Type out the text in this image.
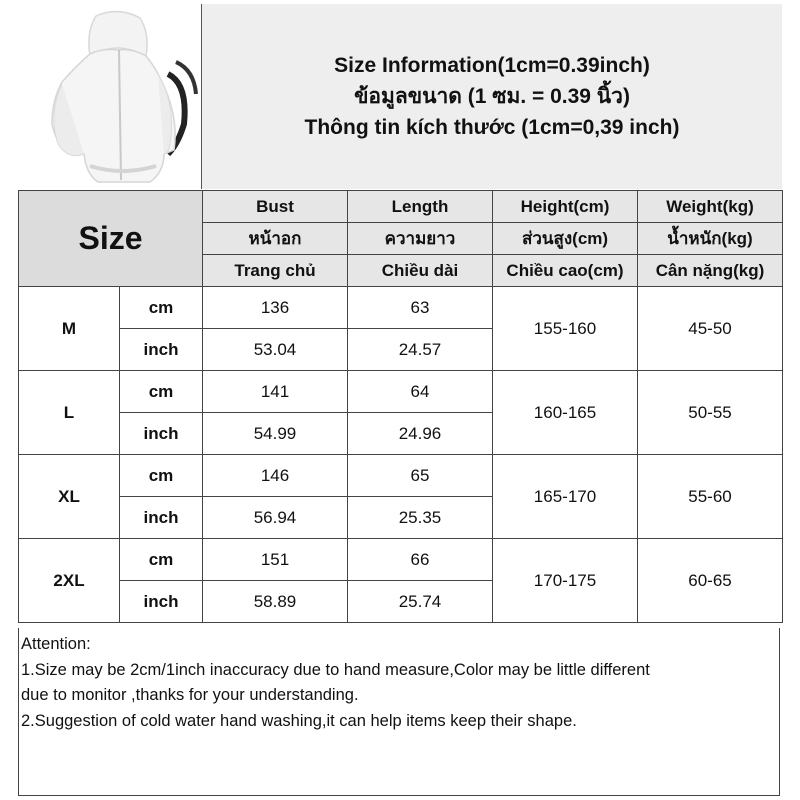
Size Information(1cm=0.39inch)
ข้อมูลขนาด (1 ซม. = 0.39 นิ้ว)
Thông tin kích thước (1cm=0,39 inch)
Size		Bust	Length	Height(cm)	Weight(kg)
		หน้าอก	ความยาว	ส่วนสูง(cm)	น้ำหนัก(kg)
		Trang chủ	Chiều dài	Chiều cao(cm)	Cân nặng(kg)
M	cm	136	63	155-160	45-50
	inch	53.04	24.57		
L	cm	141	64	160-165	50-55
	inch	54.99	24.96		
XL	cm	146	65	165-170	55-60
	inch	56.94	25.35		
2XL	cm	151	66	170-175	60-65
	inch	58.89	25.74		
Attention:
1.Size may be 2cm/1inch inaccuracy due to hand measure,Color may be little different
due to monitor ,thanks for your understanding.
2.Suggestion of cold water hand washing,it can help items keep their shape.
